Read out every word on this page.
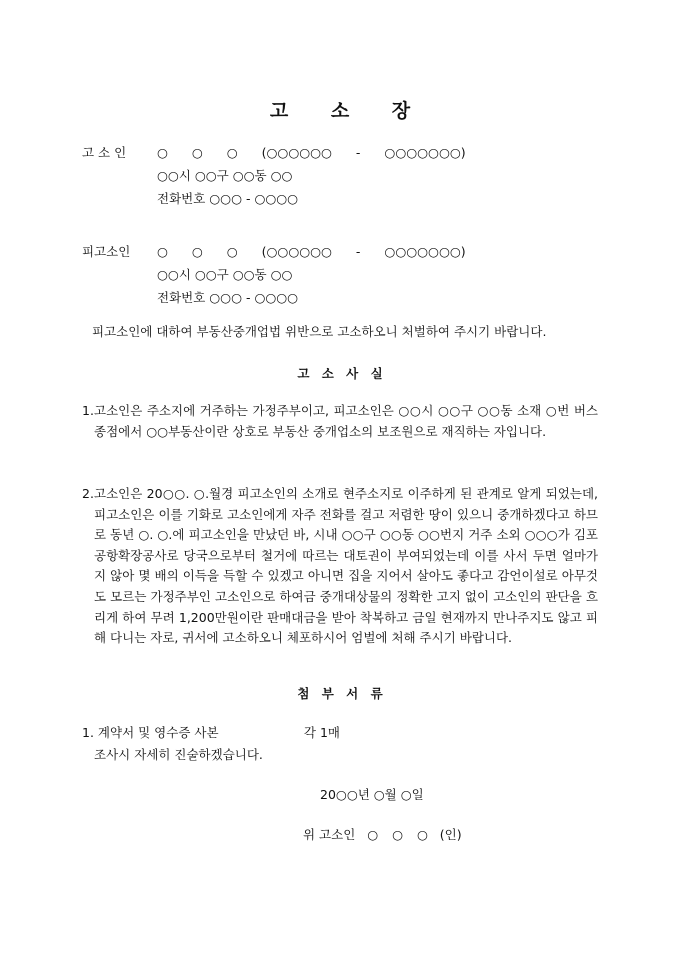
고 소 장
고 소 인 ○ ○ ○ (○○○○○○ - ○○○○○○○)
○○시 ○○구 ○○동 ○○
전화번호 ○○○ - ○○○○
피고소인 ○ ○ ○ (○○○○○○ - ○○○○○○○)
○○시 ○○구 ○○동 ○○
전화번호 ○○○ - ○○○○
피고소인에 대하여 부동산중개업법 위반으로 고소하오니 처벌하여 주시기 바랍니다.
고 소 사 실
1. 고소인은 주소지에 거주하는 가정주부이고, 피고소인은 ○○시 ○○구 ○○동 소재 ○번 버스종점에서 ○○부동산이란 상호로 부동산 중개업소의 보조원으로 재직하는 자입니다.
2. 고소인은 20○○. ○.월경 피고소인의 소개로 현주소지로 이주하게 된 관계로 알게 되었는데, 피고소인은 이를 기화로 고소인에게 자주 전화를 걸고 저렴한 땅이 있으니 중개하겠다고 하므로 동년 ○. ○.에 피고소인을 만났던 바, 시내 ○○구 ○○동 ○○번지 거주 소외 ○○○가 김포공항확장공사로 당국으로부터 철거에 따르는 대토권이 부여되었는데 이를 사서 두면 얼마가지 않아 몇 배의 이득을 득할 수 있겠고 아니면 집을 지어서 살아도 좋다고 감언이설로 아무것도 모르는 가정주부인 고소인으로 하여금 중개대상물의 정확한 고지 없이 고소인의 판단을 흐리게 하여 무려 1,200만원이란 판매대금을 받아 착복하고 금일 현재까지 만나주지도 않고 피해 다니는 자로, 귀서에 고소하오니 체포하시어 엄벌에 처해 주시기 바랍니다.
첨 부 서 류
1. 계약서 및 영수증 사본	각 1매
조사시 자세히 진술하겠습니다.
20○○년 ○월 ○일
위 고소인 ○ ○ ○ (인)
